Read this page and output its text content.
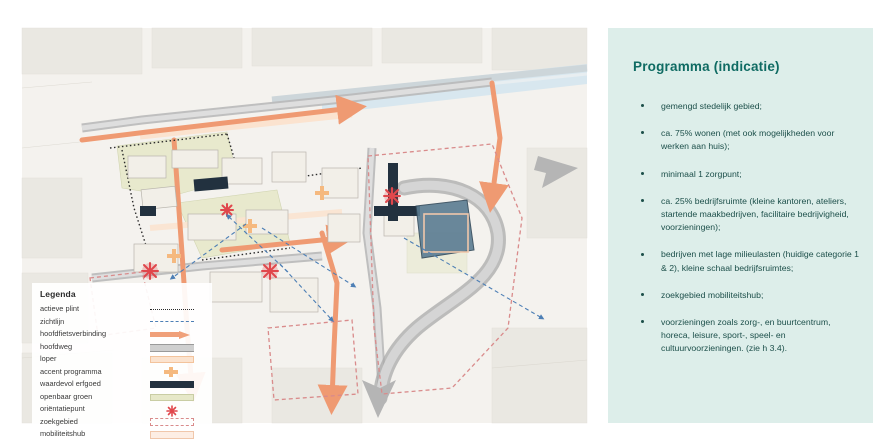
Legenda
actieve plint
zichtlijn
hoofdfietsverbinding
hoofdweg
loper
accent programma
waardevol erfgoed
openbaar groen
oriëntatiepunt
zoekgebied
mobiliteitshub
Programma (indicatie)
gemengd stedelijk gebied;
ca. 75% wonen (met ook mogelijkheden voor werken aan huis);
minimaal 1 zorgpunt;
ca. 25% bedrijfsruimte (kleine kantoren, ateliers, startende maakbedrijven, facilitaire bedrijvigheid, voorzieningen);
bedrijven met lage milieulasten (huidige categorie 1 & 2), kleine schaal bedrijfsruimtes;
zoekgebied mobiliteitshub;
voorzieningen zoals zorg-, en buurtcentrum, horeca, leisure, sport-, speel- en cultuurvoorzieningen. (zie h 3.4).
